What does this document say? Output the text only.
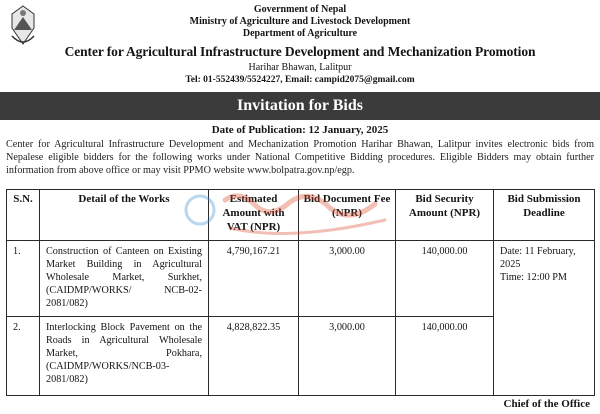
Government of Nepal
Ministry of Agriculture and Livestock Development
Department of Agriculture
Center for Agricultural Infrastructure Development and Mechanization Promotion
Harihar Bhawan, Lalitpur
Tel: 01-552439/5524227, Email: campid2075@gmail.com
Invitation for Bids
Date of Publication: 12 January, 2025
Center for Agricultural Infrastructure Development and Mechanization Promotion Harihar Bhawan, Lalitpur invites electronic bids from Nepalese eligible bidders for the following works under National Competitive Bidding procedures. Eligible Bidders may obtain further information from above office or may visit PPMO website www.bolpatra.gov.np/egp.
S.N.	Detail of the Works	Estimated Amount with VAT (NPR)	Bid Document Fee (NPR)	Bid Security Amount (NPR)	Bid Submission Deadline
1.	Construction of Canteen on Existing Market Building in Agricultural Wholesale Market, Surkhet, (CAIDMP/WORKS/ NCB-02-2081/082)	4,790,167.21	3,000.00	140,000.00	Date: 11 February, 2025
Time: 12:00 PM

2.	Interlocking Block Pavement on the Roads in Agricultural Wholesale Market, Pokhara, (CAIDMP/WORKS/NCB-03-2081/082)	4,828,822.35	3,000.00	140,000.00	
Chief of the Office
